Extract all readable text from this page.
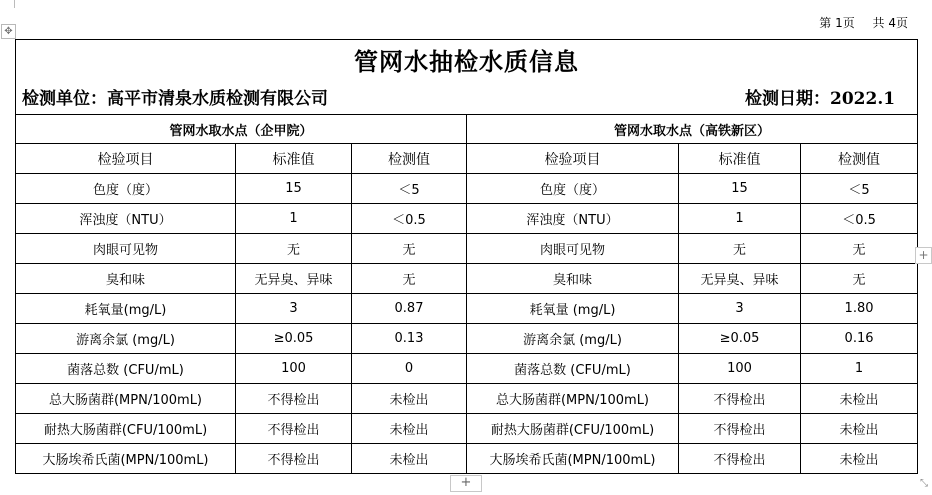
✥
第 1页 共 4页
管网水抽检水质信息					

检测单位：高平市清泉水质检测有限公司 检测日期：2022.1					

管网水取水点（企甲院）			管网水取水点（高铁新区）		
检验项目	标准值	检测值	检验项目	标准值	检测值
色度（度）	15	＜5	色度（度）	15	＜5
浑浊度（NTU）	1	＜0.5	浑浊度（NTU）	1	＜0.5
肉眼可见物	无	无	肉眼可见物	无	无
臭和味	无异臭、异味	无	臭和味	无异臭、异味	无
耗氧量(mg/L)	3	0.87	耗氧量 (mg/L)	3	1.80
游离余氯 (mg/L)	≥0.05	0.13	游离余氯 (mg/L)	≥0.05	0.16
菌落总数 (CFU/mL)	100	0	菌落总数 (CFU/mL)	100	1
总大肠菌群(MPN/100mL)	不得检出	未检出	总大肠菌群(MPN/100mL)	不得检出	未检出
耐热大肠菌群(CFU/100mL)	不得检出	未检出	耐热大肠菌群(CFU/100mL)	不得检出	未检出
大肠埃希氏菌(MPN/100mL)	不得检出	未检出	大肠埃希氏菌(MPN/100mL)	不得检出	未检出
+
+	⤡
